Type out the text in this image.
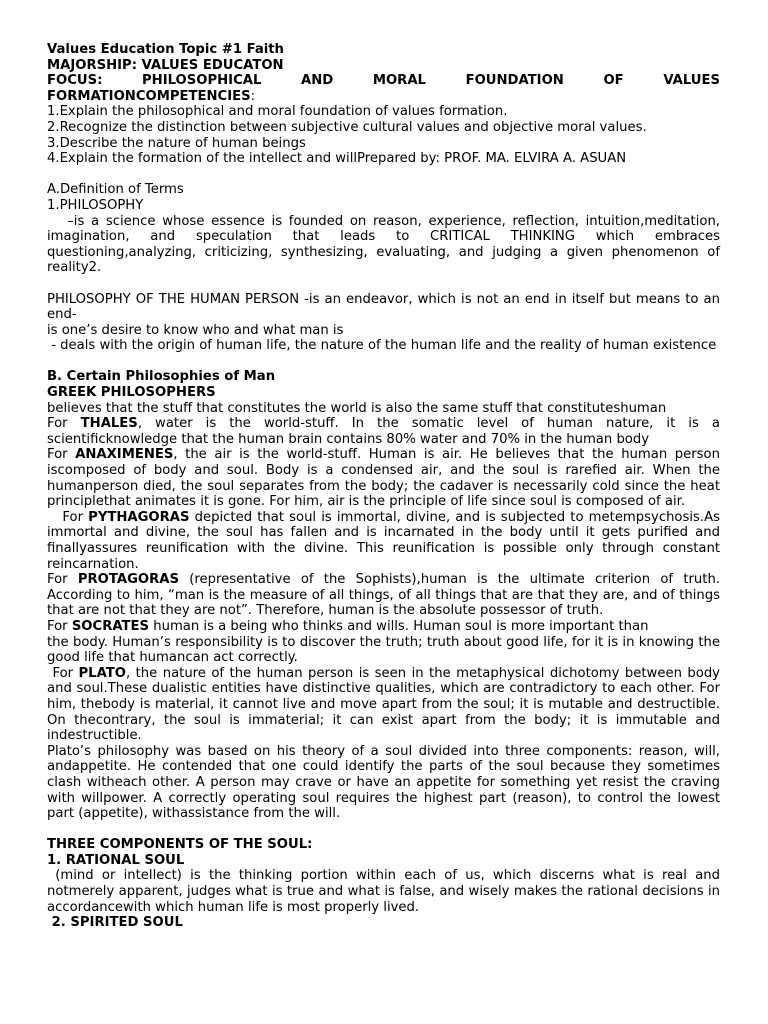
Values Education Topic #1 Faith

MAJORSHIP: VALUES EDUCATON

FOCUS: PHILOSOPHICAL AND MORAL FOUNDATION OF VALUES

FORMATIONCOMPETENCIES:

1.Explain the philosophical and moral foundation of values formation.

2.Recognize the distinction between subjective cultural values and objective moral values.

3.Describe the nature of human beings

4.Explain the formation of the intellect and willPrepared by: PROF. MA. ELVIRA A. ASUAN

A.Definition of Terms

1.PHILOSOPHY

–is a science whose essence is founded on reason, experience, reflection, intuition,meditation, imagination, and speculation that leads to CRITICAL THINKING which embraces questioning,analyzing, criticizing, synthesizing, evaluating, and judging a given phenomenon of reality2.

PHILOSOPHY OF THE HUMAN PERSON -is an endeavor, which is not an end in itself but means to an end-

is one’s desire to know who and what man is

- deals with the origin of human life, the nature of the human life and the reality of human existence

B. Certain Philosophies of Man

GREEK PHILOSOPHERS

believes that the stuff that constitutes the world is also the same stuff that constituteshuman

For THALES, water is the world-stuff. In the somatic level of human nature, it is a scientificknowledge that the human brain contains 80% water and 70% in the human body

For ANAXIMENES, the air is the world-stuff. Human is air. He believes that the human person iscomposed of body and soul. Body is a condensed air, and the soul is rarefied air. When the humanperson died, the soul separates from the body; the cadaver is necessarily cold since the heat principlethat animates it is gone. For him, air is the principle of life since soul is composed of air.

For PYTHAGORAS depicted that soul is immortal, divine, and is subjected to metempsychosis.As immortal and divine, the soul has fallen and is incarnated in the body until it gets purified and finallyassures reunification with the divine. This reunification is possible only through constant reincarnation.

For PROTAGORAS (representative of the Sophists),human is the ultimate criterion of truth. According to him, “man is the measure of all things, of all things that are that they are, and of things that are not that they are not”. Therefore, human is the absolute possessor of truth.

For SOCRATES human is a being who thinks and wills. Human soul is more important than

the body. Human’s responsibility is to discover the truth; truth about good life, for it is in knowing the good life that humancan act correctly.

For PLATO, the nature of the human person is seen in the metaphysical dichotomy between body and soul.These dualistic entities have distinctive qualities, which are contradictory to each other. For him, thebody is material, it cannot live and move apart from the soul; it is mutable and destructible. On thecontrary, the soul is immaterial; it can exist apart from the body; it is immutable and indestructible.

Plato’s philosophy was based on his theory of a soul divided into three components: reason, will, andappetite. He contended that one could identify the parts of the soul because they sometimes clash witheach other. A person may crave or have an appetite for something yet resist the craving with willpower. A correctly operating soul requires the highest part (reason), to control the lowest part (appetite), withassistance from the will.

THREE COMPONENTS OF THE SOUL:

1. RATIONAL SOUL

(mind or intellect) is the thinking portion within each of us, which discerns what is real and notmerely apparent, judges what is true and what is false, and wisely makes the rational decisions in accordancewith which human life is most properly lived.

2. SPIRITED SOUL
